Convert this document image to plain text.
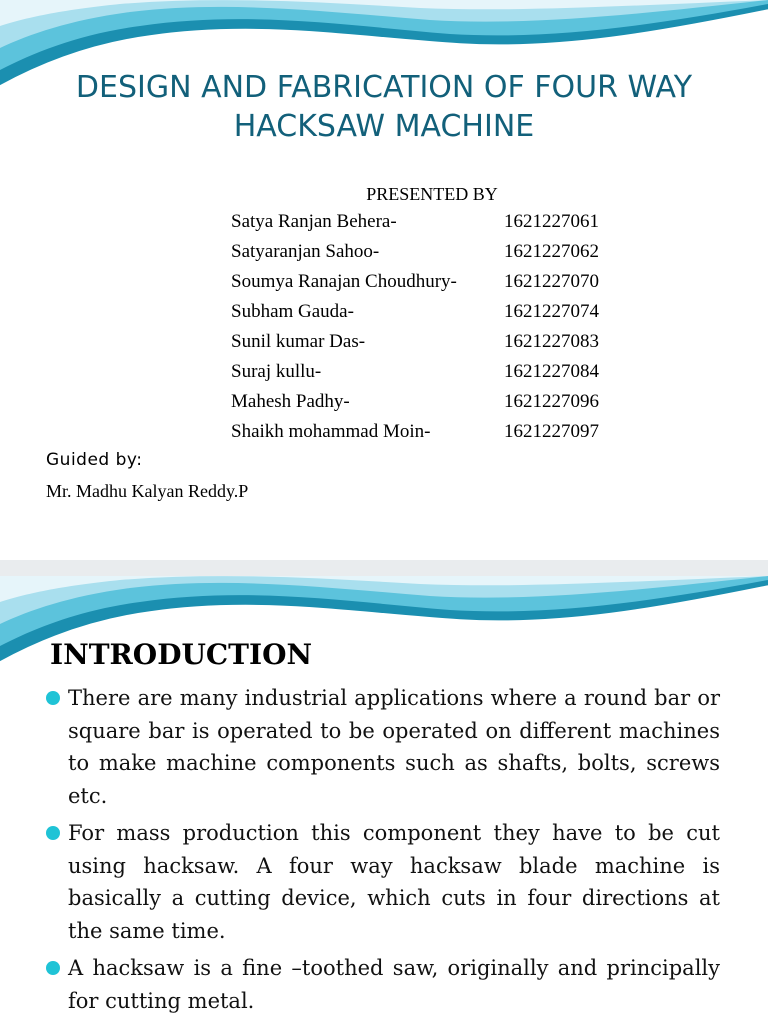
DESIGN AND FABRICATION OF FOUR WAY
HACKSAW MACHINE
PRESENTED BY
Satya Ranjan Behera-	1621227061
Satyaranjan Sahoo-	1621227062
Soumya Ranajan Choudhury- 1621227070
Subham Gauda-	1621227074
Sunil kumar Das-	1621227083
Suraj kullu-	1621227084
Mahesh Padhy-	1621227096
Shaikh mohammad Moin-	1621227097
Guided by:
Mr. Madhu Kalyan Reddy.P
INTRODUCTION
There are many industrial applications where a round bar or square bar is operated to be operated on different machines to make machine components such as shafts, bolts, screws etc.
For mass production this component they have to be cut using hacksaw. A four way hacksaw blade machine is basically a cutting device, which cuts in four directions at the same time.
A hacksaw is a fine –toothed saw, originally and principally for cutting metal.
